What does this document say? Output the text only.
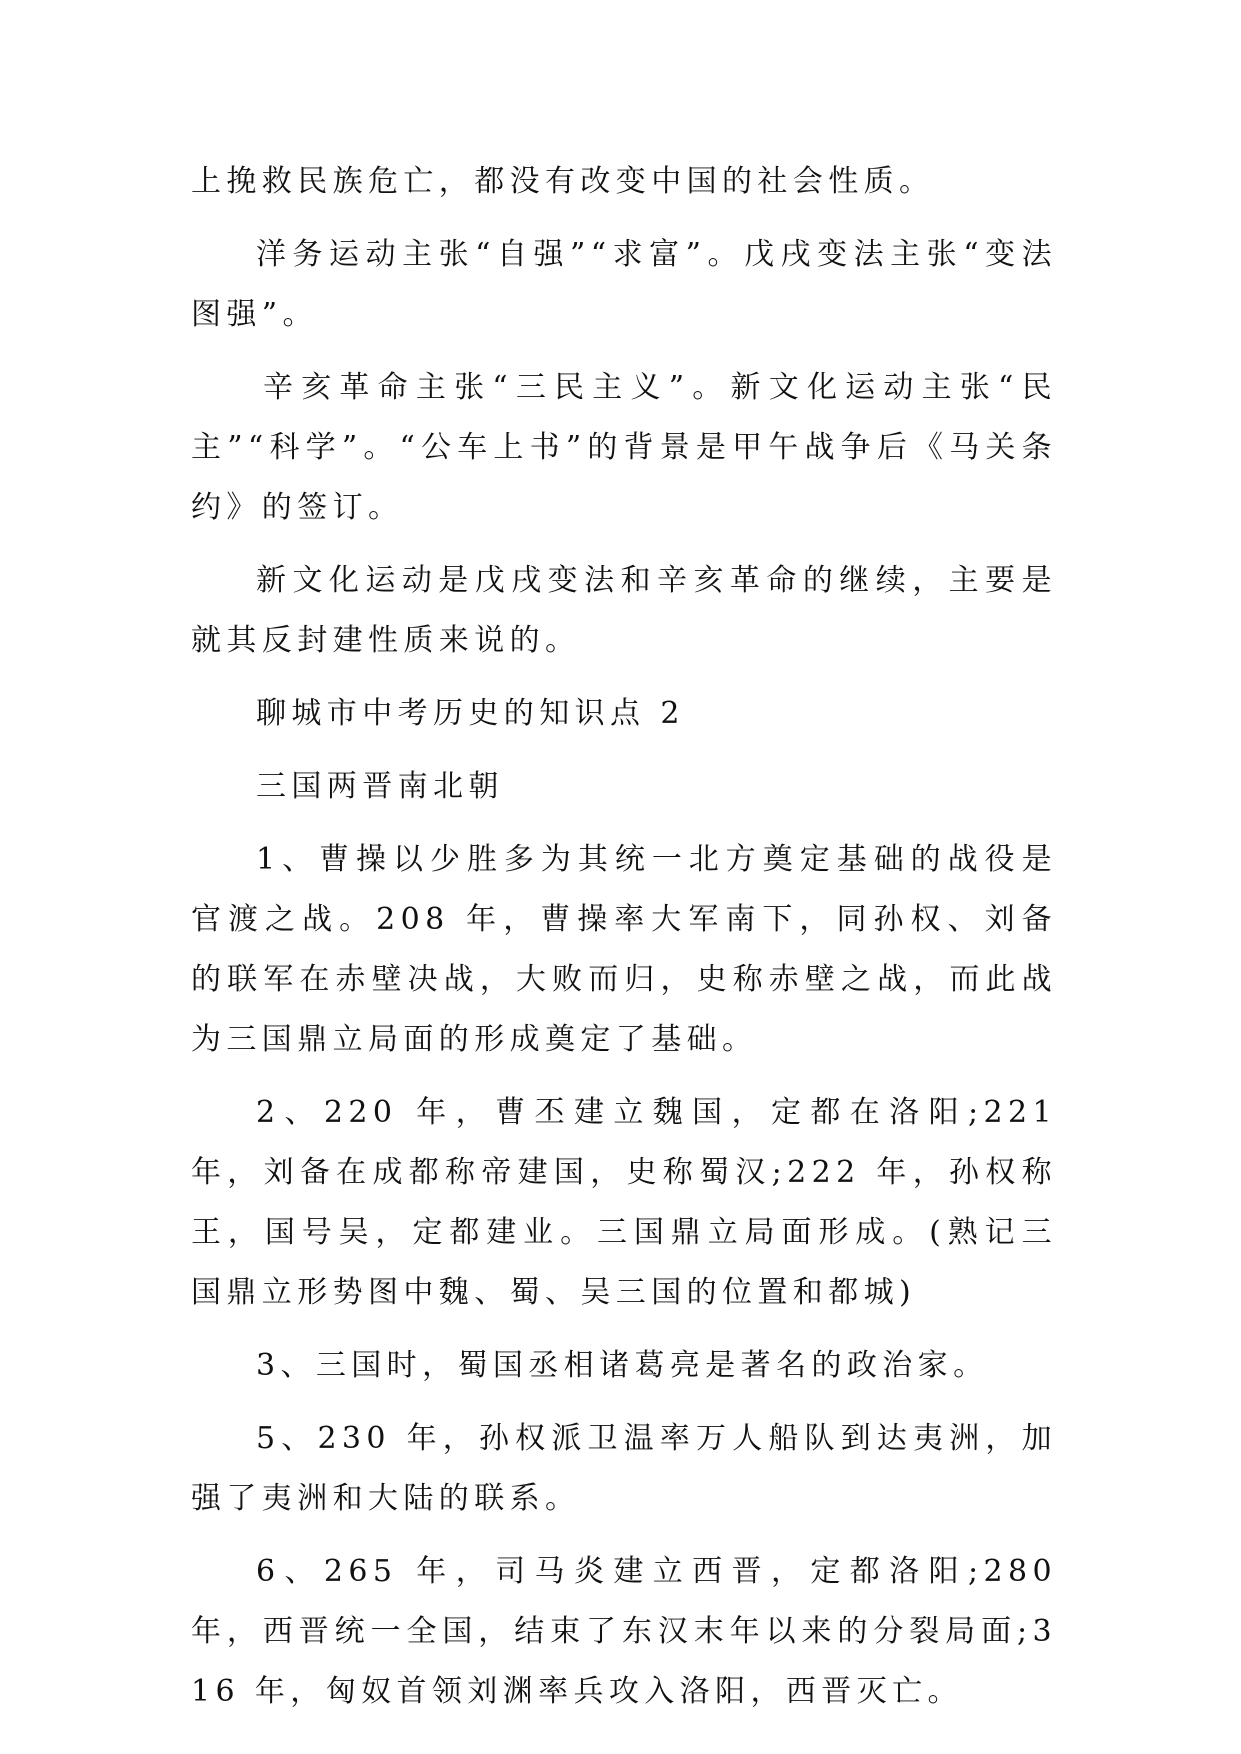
上挽救民族危亡，都没有改变中国的社会性质。

洋务运动主张“自强”“求富”。戊戌变法主张“变法图强”。

辛亥革命主张“三民主义”。新文化运动主张“民主”“科学”。“公车上书”的背景是甲午战争后《马关条约》的签订。

新文化运动是戊戌变法和辛亥革命的继续，主要是就其反封建性质来说的。

聊城市中考历史的知识点 2

三国两晋南北朝

1、曹操以少胜多为其统一北方奠定基础的战役是官渡之战。208 年，曹操率大军南下，同孙权、刘备的联军在赤壁决战，大败而归，史称赤壁之战，而此战为三国鼎立局面的形成奠定了基础。

2、220 年，曹丕建立魏国，定都在洛阳;221 年，刘备在成都称帝建国，史称蜀汉;222 年，孙权称王，国号吴，定都建业。三国鼎立局面形成。(熟记三国鼎立形势图中魏、蜀、吴三国的位置和都城)

3、三国时，蜀国丞相诸葛亮是著名的政治家。

5、230 年，孙权派卫温率万人船队到达夷洲，加强了夷洲和大陆的联系。

6、265 年，司马炎建立西晋，定都洛阳;280 年，西晋统一全国，结束了东汉末年以来的分裂局面;316 年，匈奴首领刘渊率兵攻入洛阳，西晋灭亡。
